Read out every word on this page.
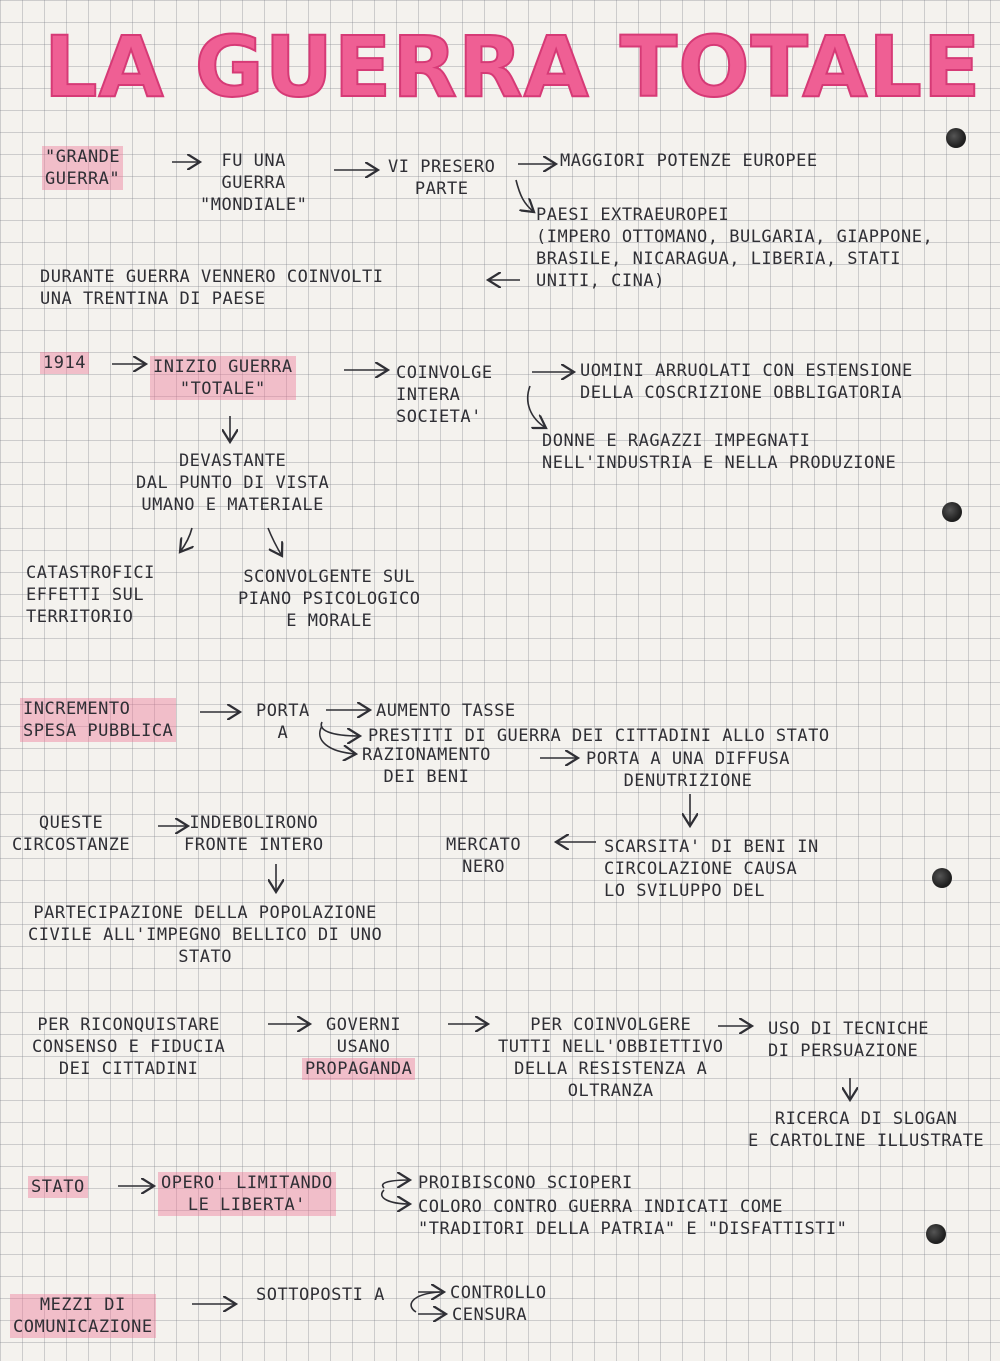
LA GUERRA TOTALE
"GRANDE
GUERRA"
FU UNA
GUERRA
"MONDIALE"
VI PRESERO
PARTE
MAGGIORI POTENZE EUROPEE
PAESI EXTRAEUROPEI
(IMPERO OTTOMANO, BULGARIA, GIAPPONE,
BRASILE, NICARAGUA, LIBERIA, STATI
UNITI, CINA)
DURANTE GUERRA VENNERO COINVOLTI
UNA TRENTINA DI PAESE
1914	INIZIO GUERRA
"TOTALE"
COINVOLGE
INTERA
SOCIETA'
UOMINI ARRUOLATI CON ESTENSIONE
DELLA COSCRIZIONE OBBLIGATORIA
DONNE E RAGAZZI IMPEGNATI
NELL'INDUSTRIA E NELLA PRODUZIONE
DEVASTANTE
DAL PUNTO DI VISTA
UMANO E MATERIALE
CATASTROFICI
EFFETTI SUL
TERRITORIO
SCONVOLGENTE SUL
PIANO PSICOLOGICO
E MORALE
INCREMENTO
SPESA PUBBLICA
PORTA
A
AUMENTO TASSE
PRESTITI DI GUERRA DEI CITTADINI ALLO STATO
RAZIONAMENTO
DEI BENI
PORTA A UNA DIFFUSA
DENUTRIZIONE
QUESTE
CIRCOSTANZE
INDEBOLIRONO
FRONTE INTERO	MERCATO
NERO
SCARSITA' DI BENI IN
CIRCOLAZIONE CAUSA
LO SVILUPPO DEL
PARTECIPAZIONE DELLA POPOLAZIONE
CIVILE ALL'IMPEGNO BELLICO DI UNO
STATO
PER RICONQUISTARE
CONSENSO E FIDUCIA
DEI CITTADINI
GOVERNI
USANO
PROPAGANDA
PER COINVOLGERE
TUTTI NELL'OBBIETTIVO
DELLA RESISTENZA A
OLTRANZA
USO DI TECNICHE
DI PERSUAZIONE
RICERCA DI SLOGAN
E CARTOLINE ILLUSTRATE
STATO	OPERO' LIMITANDO
LE LIBERTA'
PROIBISCONO SCIOPERI
COLORO CONTRO GUERRA INDICATI COME
"TRADITORI DELLA PATRIA" E "DISFATTISTI"
MEZZI DI
COMUNICAZIONE
SOTTOPOSTI A	CONTROLLO
CENSURA
